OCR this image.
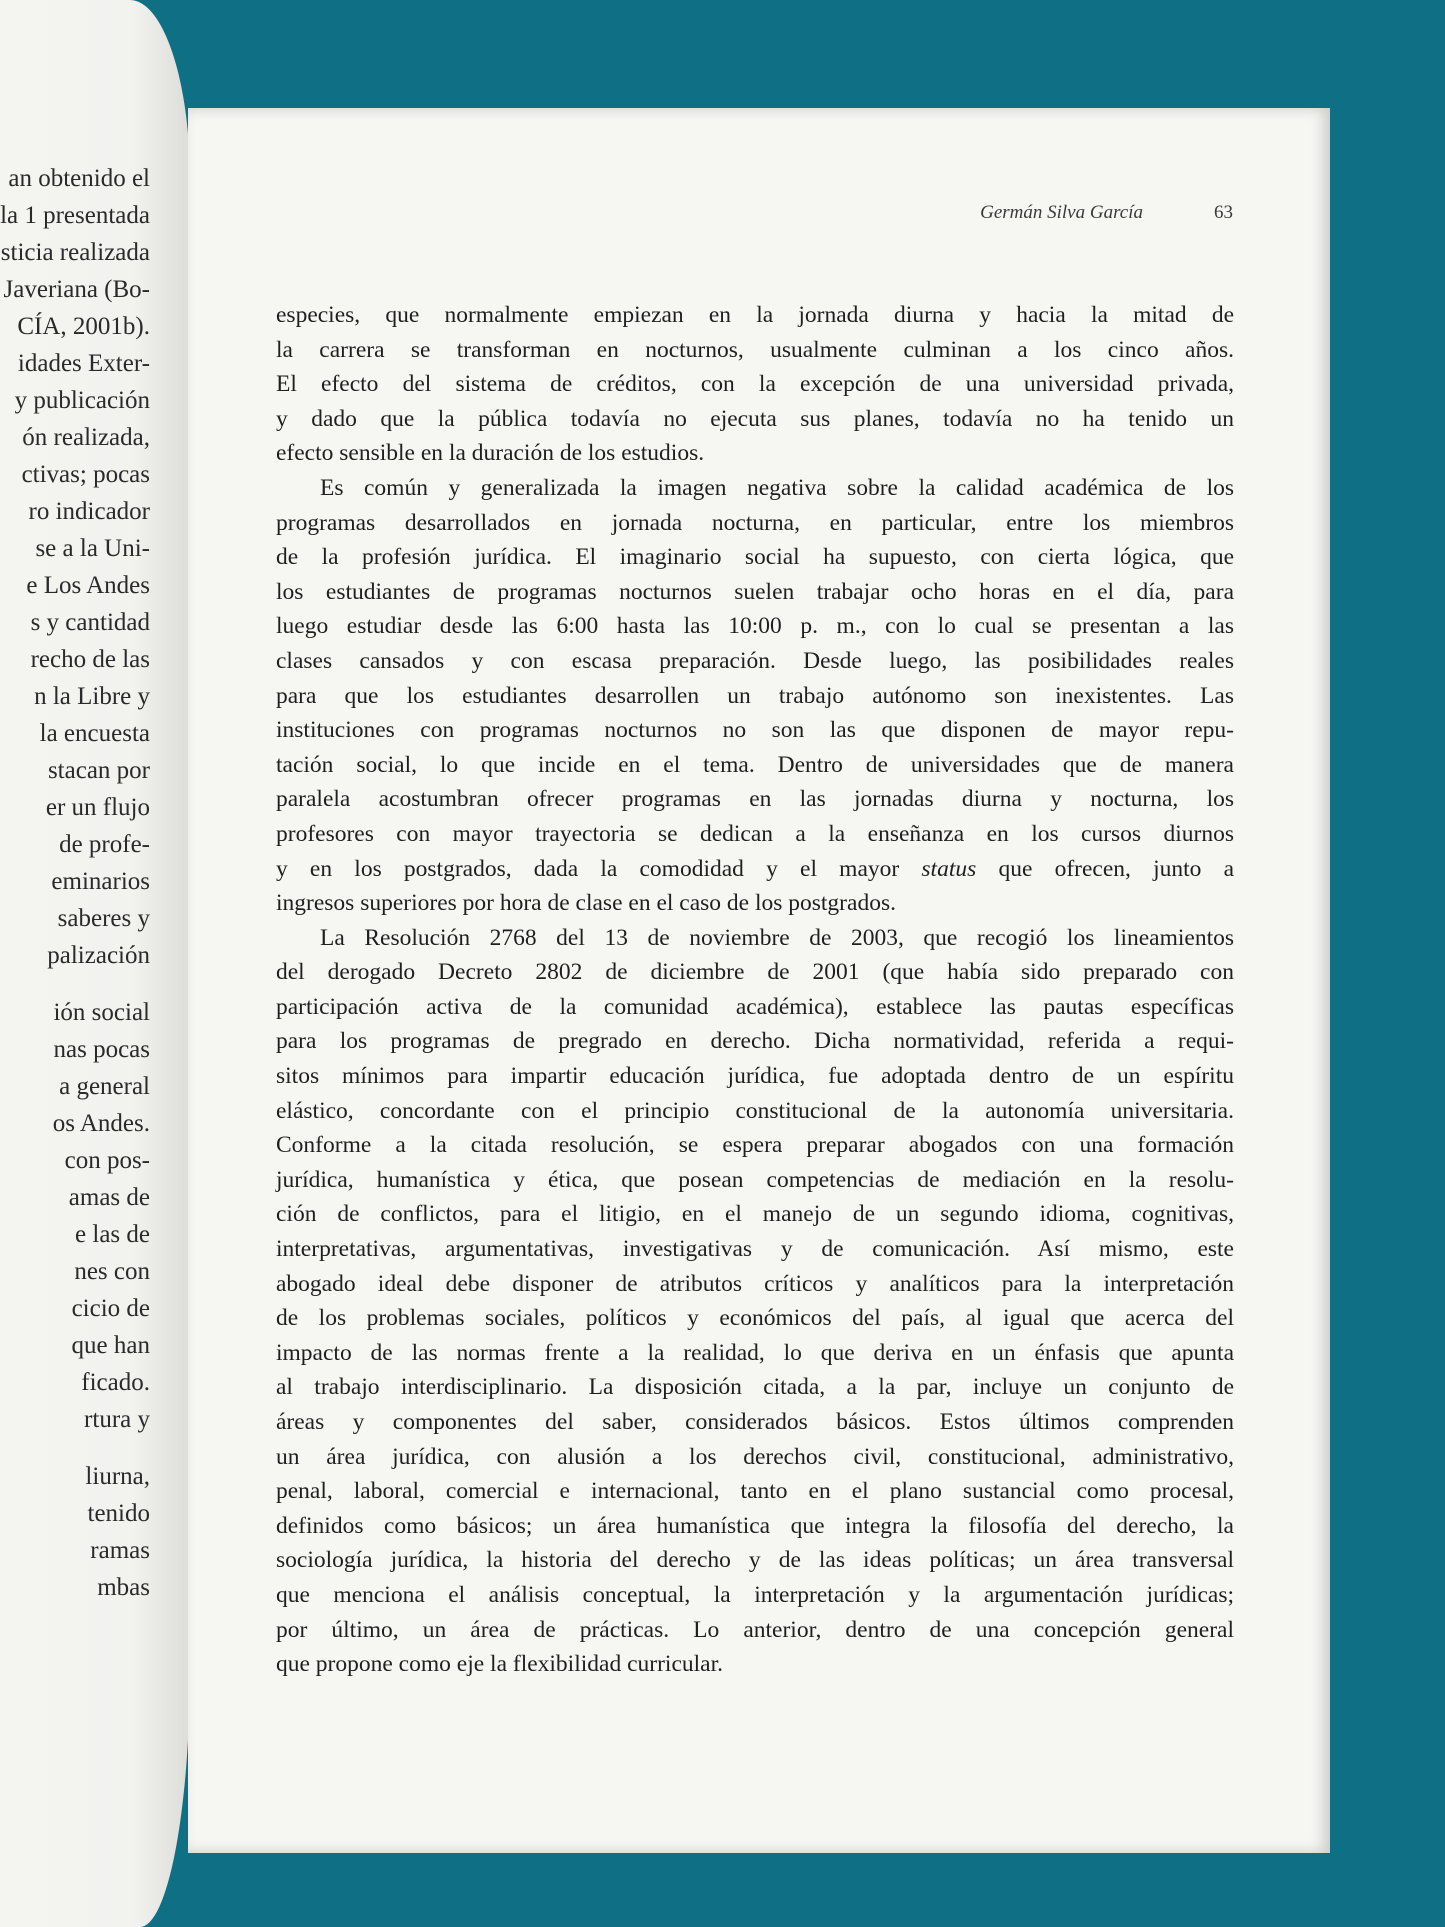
an obtenido el
la 1 presentada
sticia realizada
Javeriana (Bo-
CÍA, 2001b).
idades Exter-
y publicación
ón realizada,
ctivas; pocas
ro indicador
se a la Uni-
e Los Andes
s y cantidad
recho de las
n la Libre y
la encuesta
stacan por
er un flujo
de profe-
eminarios
saberes y
palización
ión social
nas pocas
a general
os Andes.
con pos-
amas de
e las de
nes con
cicio de
que han
ficado.
rtura y
liurna,
tenido
ramas
mbas
Germán Silva García	63

especies, que normalmente empiezan en la jornada diurna y hacia la mitad de
la carrera se transforman en nocturnos, usualmente culminan a los cinco años.
El efecto del sistema de créditos, con la excepción de una universidad privada,
y dado que la pública todavía no ejecuta sus planes, todavía no ha tenido un
efecto sensible en la duración de los estudios.

Es común y generalizada la imagen negativa sobre la calidad académica de los
programas desarrollados en jornada nocturna, en particular, entre los miembros
de la profesión jurídica. El imaginario social ha supuesto, con cierta lógica, que
los estudiantes de programas nocturnos suelen trabajar ocho horas en el día, para
luego estudiar desde las 6:00 hasta las 10:00 p. m., con lo cual se presentan a las
clases cansados y con escasa preparación. Desde luego, las posibilidades reales
para que los estudiantes desarrollen un trabajo autónomo son inexistentes. Las
instituciones con programas nocturnos no son las que disponen de mayor repu-
tación social, lo que incide en el tema. Dentro de universidades que de manera
paralela acostumbran ofrecer programas en las jornadas diurna y nocturna, los
profesores con mayor trayectoria se dedican a la enseñanza en los cursos diurnos
y en los postgrados, dada la comodidad y el mayor status que ofrecen, junto a
ingresos superiores por hora de clase en el caso de los postgrados.

La Resolución 2768 del 13 de noviembre de 2003, que recogió los lineamientos
del derogado Decreto 2802 de diciembre de 2001 (que había sido preparado con
participación activa de la comunidad académica), establece las pautas específicas
para los programas de pregrado en derecho. Dicha normatividad, referida a requi-
sitos mínimos para impartir educación jurídica, fue adoptada dentro de un espíritu
elástico, concordante con el principio constitucional de la autonomía universitaria.
Conforme a la citada resolución, se espera preparar abogados con una formación
jurídica, humanística y ética, que posean competencias de mediación en la resolu-
ción de conflictos, para el litigio, en el manejo de un segundo idioma, cognitivas,
interpretativas, argumentativas, investigativas y de comunicación. Así mismo, este
abogado ideal debe disponer de atributos críticos y analíticos para la interpretación
de los problemas sociales, políticos y económicos del país, al igual que acerca del
impacto de las normas frente a la realidad, lo que deriva en un énfasis que apunta
al trabajo interdisciplinario. La disposición citada, a la par, incluye un conjunto de
áreas y componentes del saber, considerados básicos. Estos últimos comprenden
un área jurídica, con alusión a los derechos civil, constitucional, administrativo,
penal, laboral, comercial e internacional, tanto en el plano sustancial como procesal,
definidos como básicos; un área humanística que integra la filosofía del derecho, la
sociología jurídica, la historia del derecho y de las ideas políticas; un área transversal
que menciona el análisis conceptual, la interpretación y la argumentación jurídicas;
por último, un área de prácticas. Lo anterior, dentro de una concepción general
que propone como eje la flexibilidad curricular.
